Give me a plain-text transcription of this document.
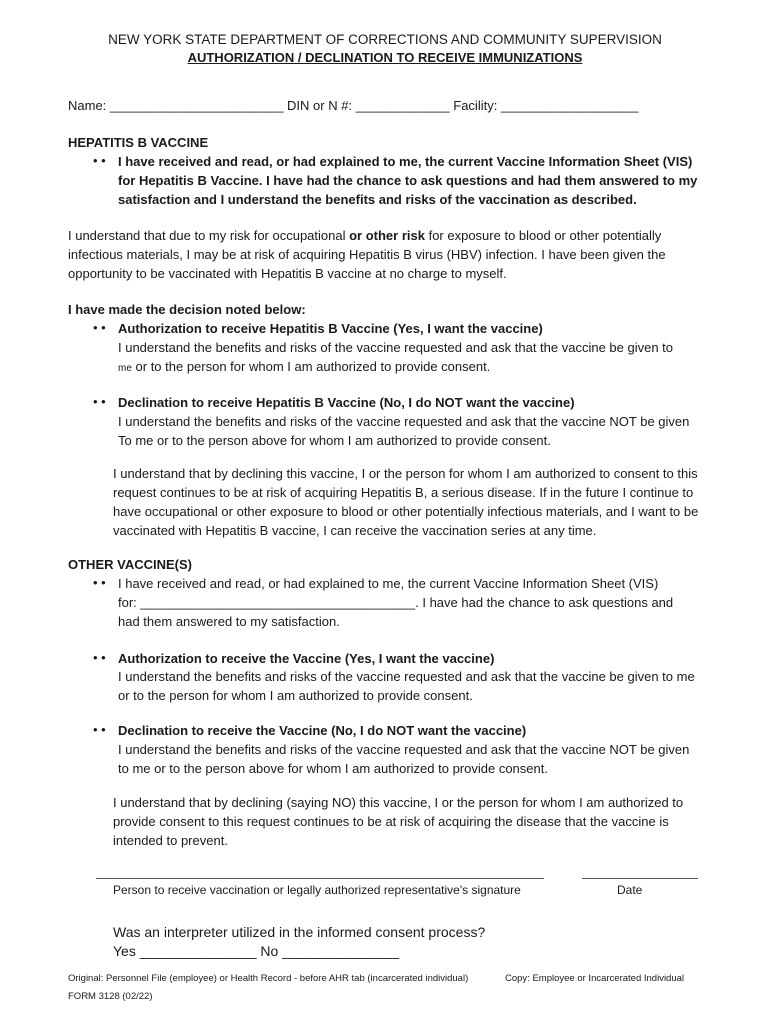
NEW YORK STATE DEPARTMENT OF CORRECTIONS AND COMMUNITY SUPERVISION
AUTHORIZATION / DECLINATION TO RECEIVE IMMUNIZATIONS
Name: ________________________ DIN or N #: _____________ Facility: ___________________
HEPATITIS B VACCINE
• • I have received and read, or had explained to me, the current Vaccine Information Sheet (VIS)
for Hepatitis B Vaccine. I have had the chance to ask questions and had them answered to my
satisfaction and I understand the benefits and risks of the vaccination as described.
I understand that due to my risk for occupational or other risk for exposure to blood or other potentially
infectious materials, I may be at risk of acquiring Hepatitis B virus (HBV) infection. I have been given the
opportunity to be vaccinated with Hepatitis B vaccine at no charge to myself.
I have made the decision noted below:
• • Authorization to receive Hepatitis B Vaccine (Yes, I want the vaccine)
I understand the benefits and risks of the vaccine requested and ask that the vaccine be given to
me or to the person for whom I am authorized to provide consent.
• • Declination to receive Hepatitis B Vaccine (No, I do NOT want the vaccine)
I understand the benefits and risks of the vaccine requested and ask that the vaccine NOT be given
To me or to the person above for whom I am authorized to provide consent.
I understand that by declining this vaccine, I or the person for whom I am authorized to consent to this
request continues to be at risk of acquiring Hepatitis B, a serious disease. If in the future I continue to
have occupational or other exposure to blood or other potentially infectious materials, and I want to be
vaccinated with Hepatitis B vaccine, I can receive the vaccination series at any time.
OTHER VACCINE(S)
• • I have received and read, or had explained to me, the current Vaccine Information Sheet (VIS)
for: ______________________________________. I have had the chance to ask questions and
had them answered to my satisfaction.
• • Authorization to receive the Vaccine (Yes, I want the vaccine)
I understand the benefits and risks of the vaccine requested and ask that the vaccine be given to me
or to the person for whom I am authorized to provide consent.
• • Declination to receive the Vaccine (No, I do NOT want the vaccine)
I understand the benefits and risks of the vaccine requested and ask that the vaccine NOT be given
to me or to the person above for whom I am authorized to provide consent.
I understand that by declining (saying NO) this vaccine, I or the person for whom I am authorized to
provide consent to this request continues to be at risk of acquiring the disease that the vaccine is
intended to prevent.
Person to receive vaccination or legally authorized representative's signature	Date
Was an interpreter utilized in the informed consent process?
Yes _______________ No _______________
Original: Personnel File (employee) or Health Record - before AHR tab (incarcerated individual)	Copy: Employee or Incarcerated Individual
FORM 3128 (02/22)
